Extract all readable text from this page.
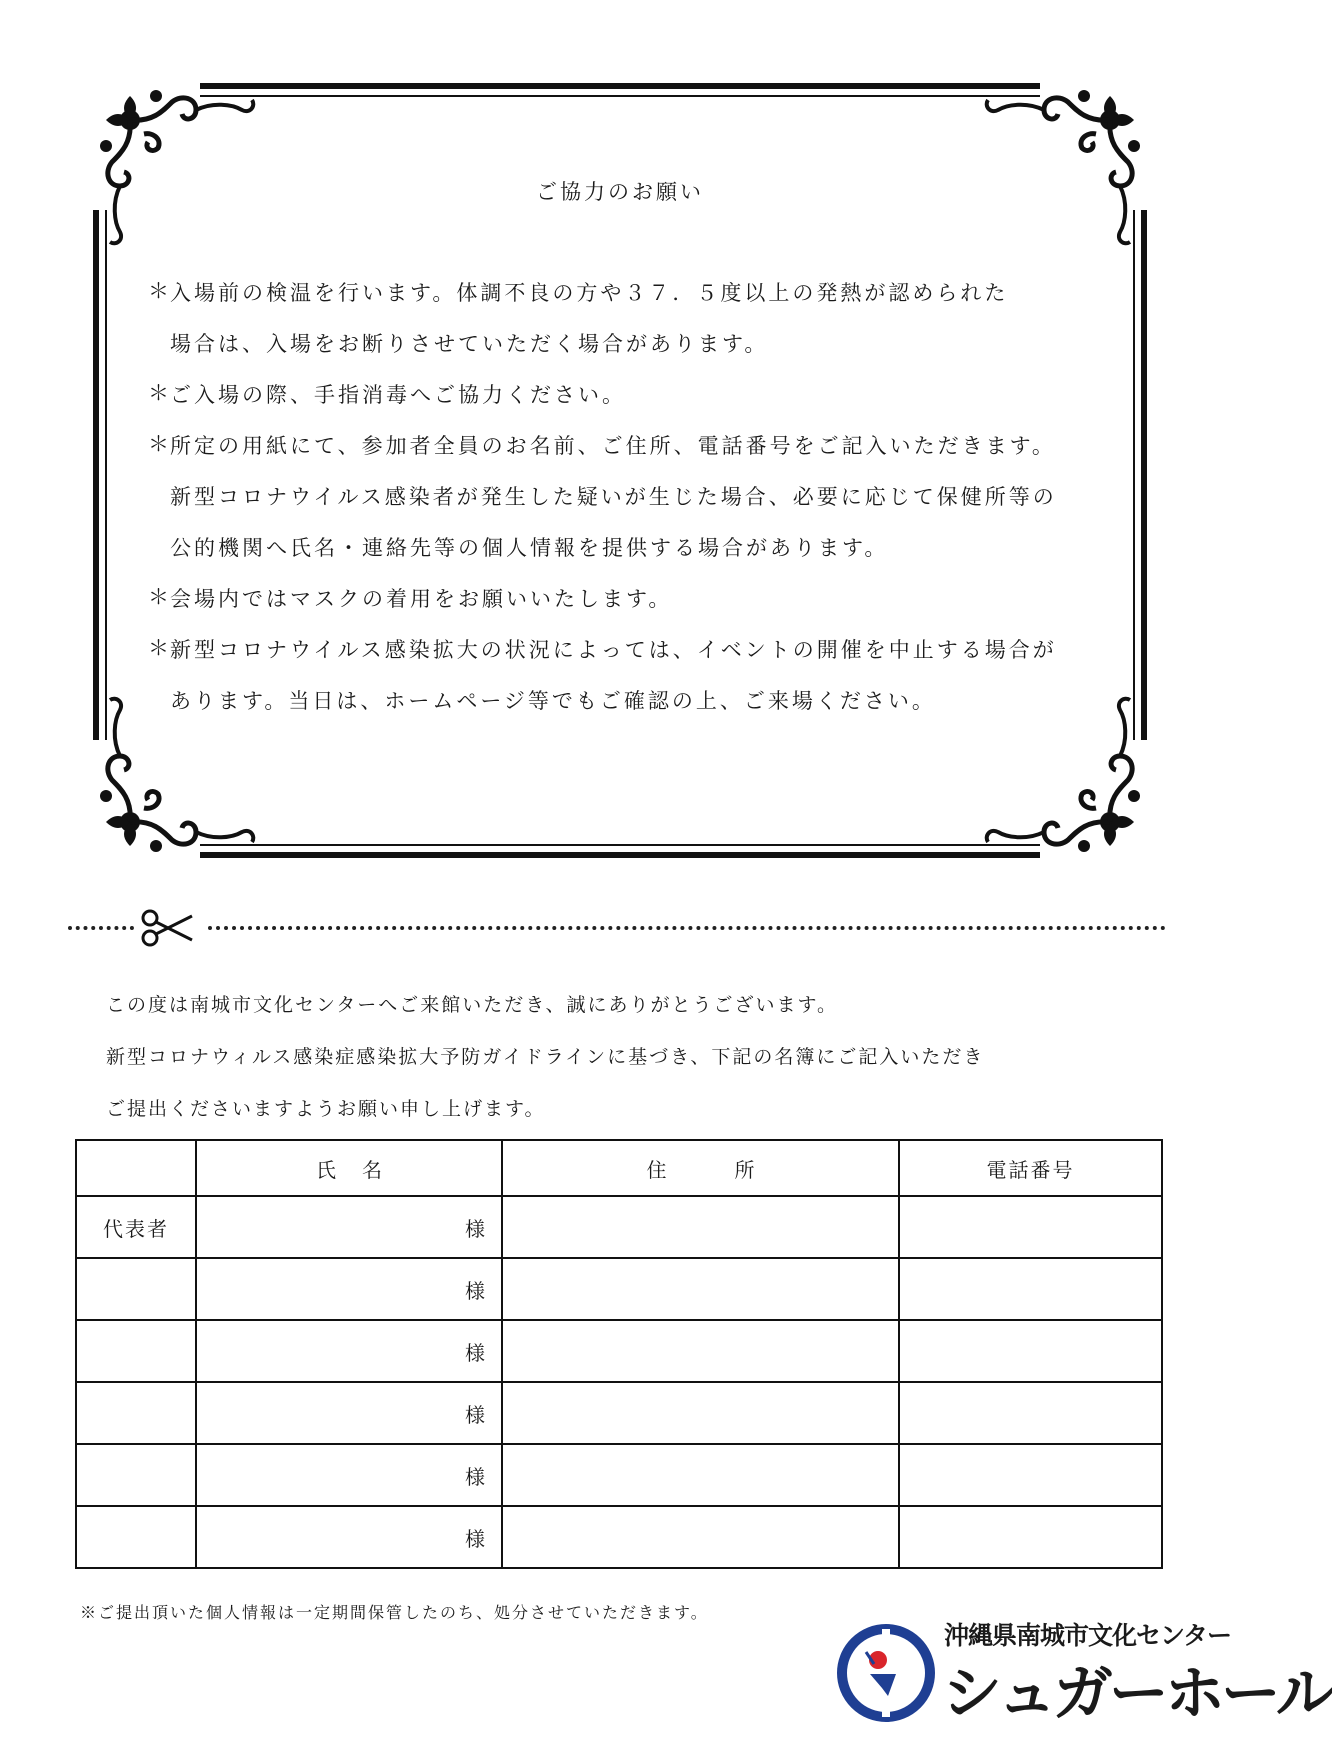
ご協力のお願い
＊
入場前の検温を行います。体調不良の方や３７．５度以上の発熱が認められた
場合は、入場をお断りさせていただく場合があります。
＊
ご入場の際、手指消毒へご協力ください。
＊
所定の用紙にて、参加者全員のお名前、ご住所、電話番号をご記入いただきます。
新型コロナウイルス感染者が発生した疑いが生じた場合、必要に応じて保健所等の
公的機関へ氏名・連絡先等の個人情報を提供する場合があります。
＊
会場内ではマスクの着用をお願いいたします。
＊
新型コロナウイルス感染拡大の状況によっては、イベントの開催を中止する場合が
あります。当日は、ホームページ等でもご確認の上、ご来場ください。
この度は南城市文化センターへご来館いただき、誠にありがとうございます。
新型コロナウィルス感染症感染拡大予防ガイドラインに基づき、下記の名簿にご記入いただき
ご提出くださいますようお願い申し上げます。
	氏名	住所	電話番号
代表者	様		
	様		
	様		
	様		
	様		
	様		
※ご提出頂いた個人情報は一定期間保管したのち、処分させていただきます。
沖縄県南城市文化センター
シュガーホール
